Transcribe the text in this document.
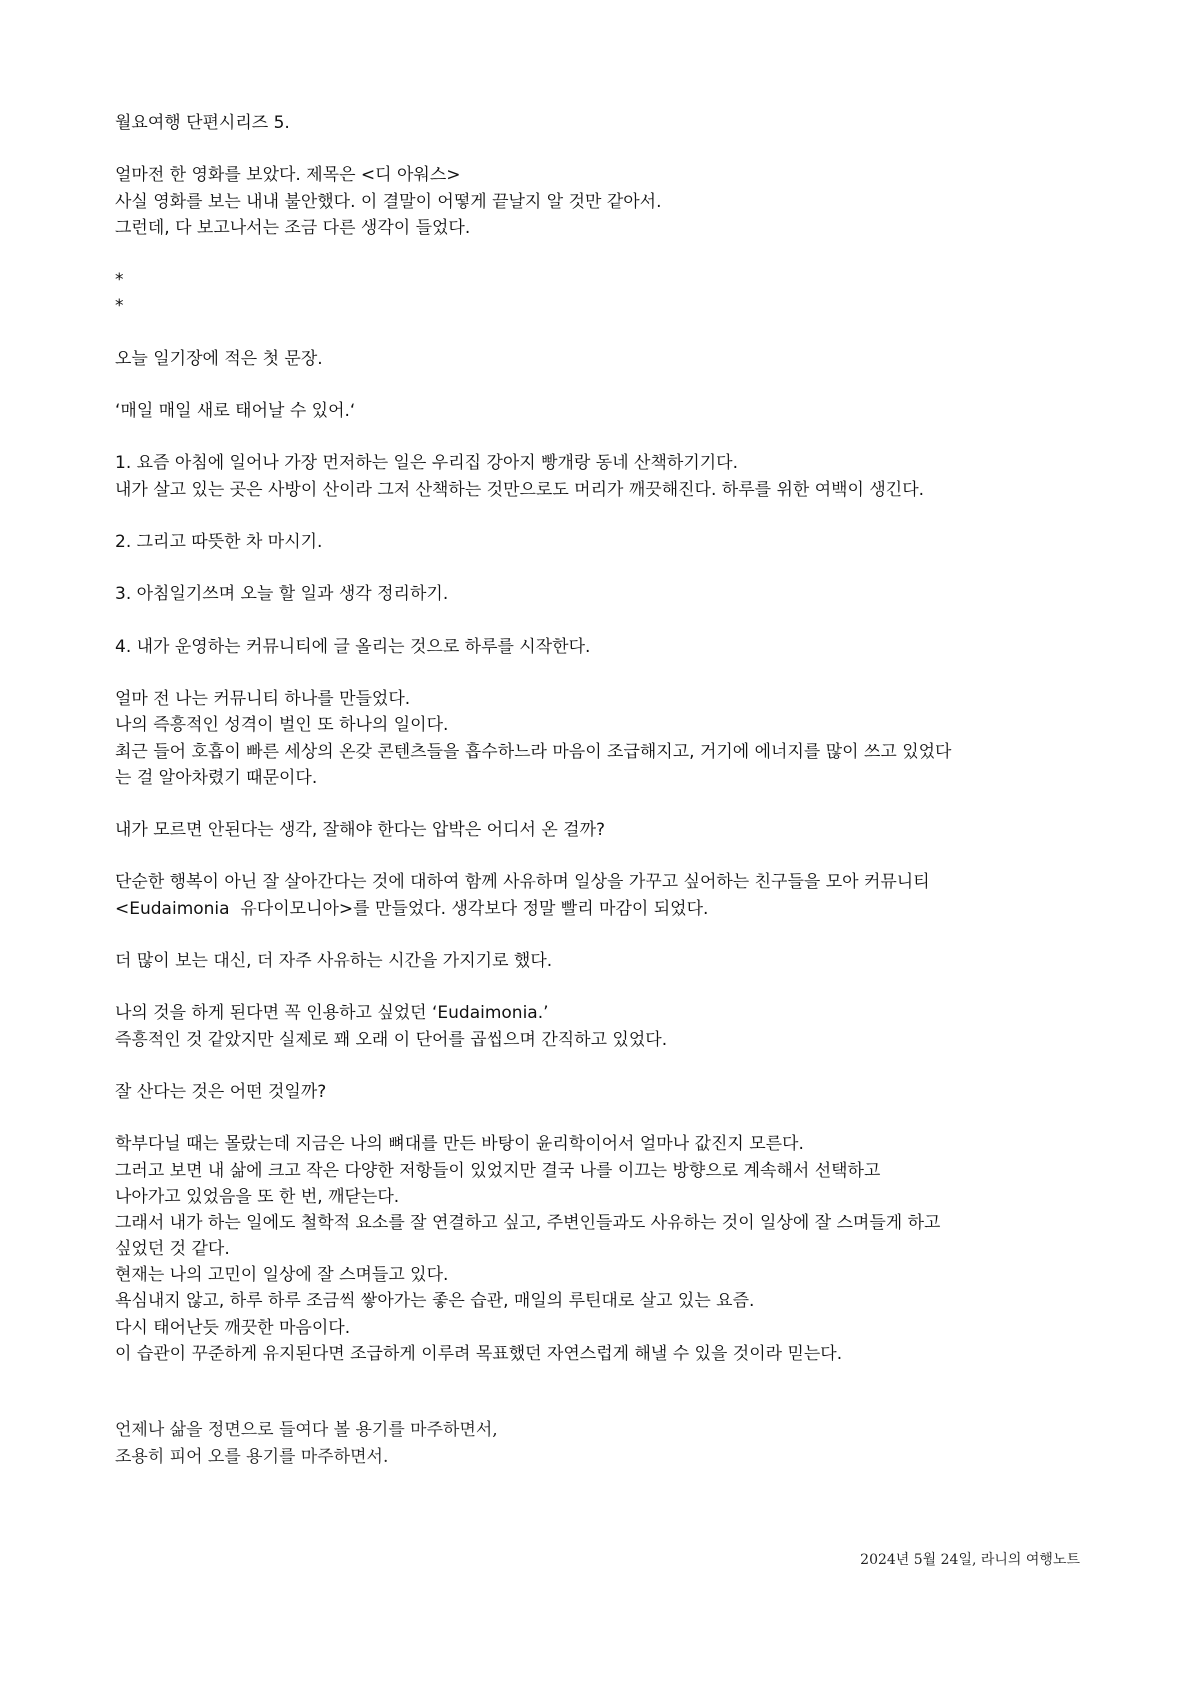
월요여행 단편시리즈 5.
얼마전 한 영화를 보았다. 제목은 <디 아워스>
사실 영화를 보는 내내 불안했다. 이 결말이 어떻게 끝날지 알 것만 같아서.
그런데, 다 보고나서는 조금 다른 생각이 들었다.
*
*
오늘 일기장에 적은 첫 문장.
‘매일 매일 새로 태어날 수 있어.‘
1. 요즘 아침에 일어나 가장 먼저하는 일은 우리집 강아지 빵개랑 동네 산책하기기다.
내가 살고 있는 곳은 사방이 산이라 그저 산책하는 것만으로도 머리가 깨끗해진다. 하루를 위한 여백이 생긴다.
2. 그리고 따뜻한 차 마시기.
3. 아침일기쓰며 오늘 할 일과 생각 정리하기.
4. 내가 운영하는 커뮤니티에 글 올리는 것으로 하루를 시작한다.
얼마 전 나는 커뮤니티 하나를 만들었다.
나의 즉흥적인 성격이 벌인 또 하나의 일이다.
최근 들어 호흡이 빠른 세상의 온갖 콘텐츠들을 흡수하느라 마음이 조급해지고, 거기에 에너지를 많이 쓰고 있었다
는 걸 알아차렸기 때문이다.
내가 모르면 안된다는 생각, 잘해야 한다는 압박은 어디서 온 걸까?
단순한 행복이 아닌 잘 살아간다는 것에 대하여 함께 사유하며 일상을 가꾸고 싶어하는 친구들을 모아 커뮤니티
<Eudaimonia  유다이모니아>를 만들었다. 생각보다 정말 빨리 마감이 되었다.
더 많이 보는 대신, 더 자주 사유하는 시간을 가지기로 했다.
나의 것을 하게 된다면 꼭 인용하고 싶었던 ‘Eudaimonia.’
즉흥적인 것 같았지만 실제로 꽤 오래 이 단어를 곱씹으며 간직하고 있었다.
잘 산다는 것은 어떤 것일까?
학부다닐 때는 몰랐는데 지금은 나의 뼈대를 만든 바탕이 윤리학이어서 얼마나 값진지 모른다.
그러고 보면 내 삶에 크고 작은 다양한 저항들이 있었지만 결국 나를 이끄는 방향으로 계속해서 선택하고
나아가고 있었음을 또 한 번, 깨닫는다.
그래서 내가 하는 일에도 철학적 요소를 잘 연결하고 싶고, 주변인들과도 사유하는 것이 일상에 잘 스며들게 하고
싶었던 것 같다.
현재는 나의 고민이 일상에 잘 스며들고 있다.
욕심내지 않고, 하루 하루 조금씩 쌓아가는 좋은 습관, 매일의 루틴대로 살고 있는 요즘.
다시 태어난듯 깨끗한 마음이다.
이 습관이 꾸준하게 유지된다면 조급하게 이루려 목표했던 자연스럽게 해낼 수 있을 것이라 믿는다.
언제나 삶을 정면으로 들여다 볼 용기를 마주하면서,
조용히 피어 오를 용기를 마주하면서.
2024년 5월 24일, 라니의 여행노트
